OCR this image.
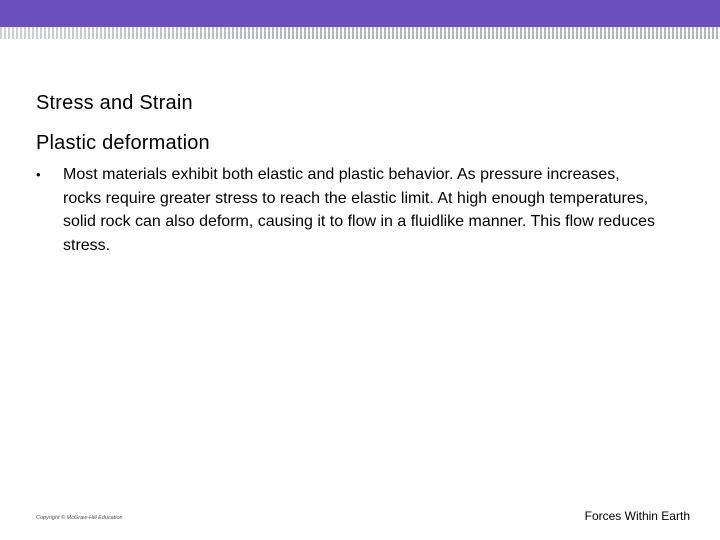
Stress and Strain
Plastic deformation
• Most materials exhibit both elastic and plastic behavior. As pressure increases, rocks require greater stress to reach the elastic limit. At high enough temperatures, solid rock can also deform, causing it to flow in a fluidlike manner. This flow reduces stress.
Copyright © McGraw-Hill Education	Forces Within Earth
